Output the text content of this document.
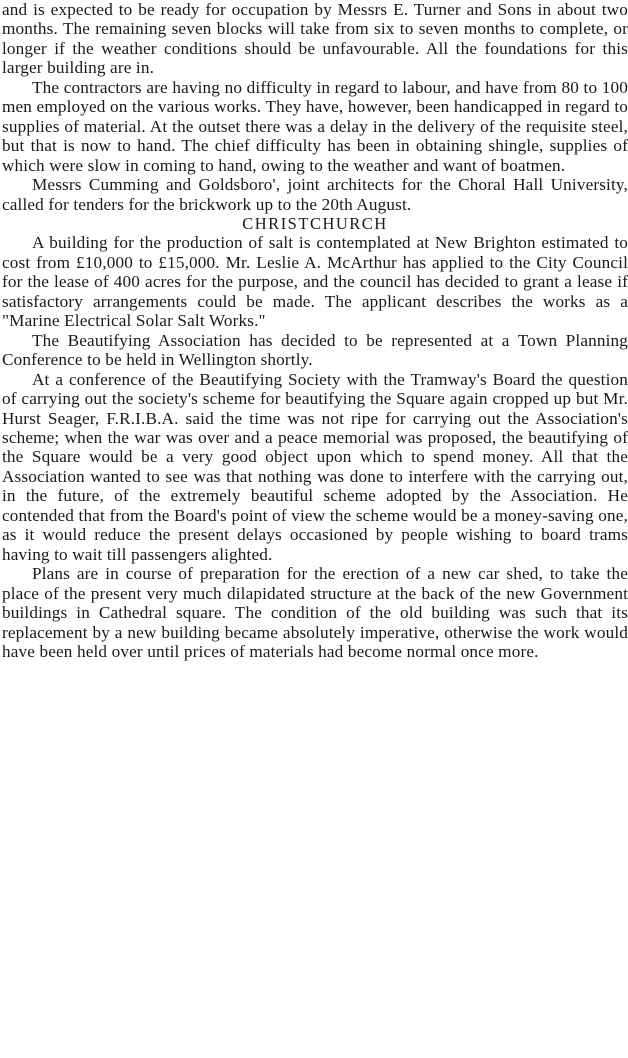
and is expected to be ready for occupation by Messrs E. Turner and Sons in about two months. The remaining seven blocks will take from six to seven months to complete, or longer if the weather conditions should be unfavourable. All the foundations for this larger building are in.

The contractors are having no difficulty in regard to labour, and have from 80 to 100 men employed on the various works. They have, however, been handicapped in regard to supplies of material. At the outset there was a delay in the delivery of the requisite steel, but that is now to hand. The chief difficulty has been in obtaining shingle, supplies of which were slow in coming to hand, owing to the weather and want of boatmen.

Messrs Cumming and Goldsboro', joint architects for the Choral Hall University, called for tenders for the brickwork up to the 20th August.

CHRISTCHURCH

A building for the production of salt is contemplated at New Brighton estimated to cost from £10,000 to £15,000. Mr. Leslie A. McArthur has applied to the City Council for the lease of 400 acres for the purpose, and the council has decided to grant a lease if satisfactory arrangements could be made. The applicant describes the works as a "Marine Electrical Solar Salt Works."

The Beautifying Association has decided to be represented at a Town Planning Conference to be held in Wellington shortly.

At a conference of the Beautifying Society with the Tramway's Board the question of carrying out the society's scheme for beautifying the Square again cropped up but Mr. Hurst Seager, F.R.I.B.A. said the time was not ripe for carrying out the Association's scheme; when the war was over and a peace memorial was proposed, the beautifying of the Square would be a very good object upon which to spend money. All that the Association wanted to see was that nothing was done to interfere with the carrying out, in the future, of the extremely beautiful scheme adopted by the Association. He contended that from the Board's point of view the scheme would be a money-saving one, as it would reduce the present delays occasioned by people wishing to board trams having to wait till passengers alighted.

Plans are in course of preparation for the erection of a new car shed, to take the place of the present very much dilapidated structure at the back of the new Government buildings in Cathedral square. The condition of the old building was such that its replacement by a new building became absolutely imperative, otherwise the work would have been held over until prices of materials had become normal once more.
